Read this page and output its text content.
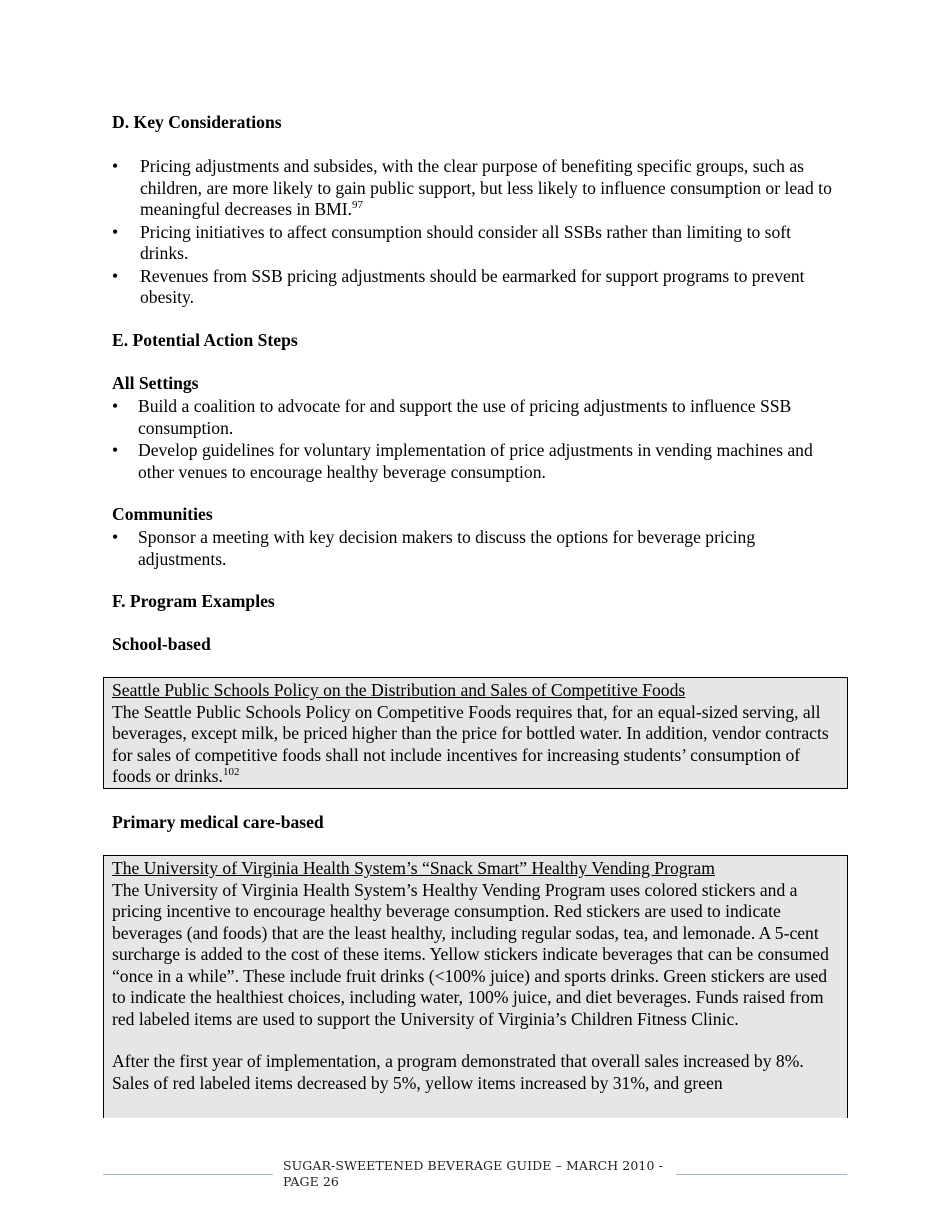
D. Key Considerations
•	Pricing adjustments and subsides, with the clear purpose of benefiting specific groups, such as children, are more likely to gain public support, but less likely to influence consumption or lead to meaningful decreases in BMI.$^{97}$
•	Pricing initiatives to affect consumption should consider all SSBs rather than limiting to soft drinks.
•	Revenues from SSB pricing adjustments should be earmarked for support programs to prevent obesity.
E. Potential Action Steps
All Settings
•	Build a coalition to advocate for and support the use of pricing adjustments to influence SSB consumption.
•	Develop guidelines for voluntary implementation of price adjustments in vending machines and other venues to encourage healthy beverage consumption.
Communities
•	Sponsor a meeting with key decision makers to discuss the options for beverage pricing adjustments.
F. Program Examples
School-based
Seattle Public Schools Policy on the Distribution and Sales of Competitive Foods

The Seattle Public Schools Policy on Competitive Foods requires that, for an equal-sized serving, all beverages, except milk, be priced higher than the price for bottled water. In addition, vendor contracts for sales of competitive foods shall not include incentives for increasing students’ consumption of foods or drinks.$^{102}$

Primary medical care-based
The University of Virginia Health System’s “Snack Smart” Healthy Vending Program

The University of Virginia Health System’s Healthy Vending Program uses colored stickers and a pricing incentive to encourage healthy beverage consumption. Red stickers are used to indicate beverages (and foods) that are the least healthy, including regular sodas, tea, and lemonade. A 5-cent surcharge is added to the cost of these items. Yellow stickers indicate beverages that can be consumed “once in a while”. These include fruit drinks (<100% juice) and sports drinks. Green stickers are used to indicate the healthiest choices, including water, 100% juice, and diet beverages. Funds raised from red labeled items are used to support the University of Virginia’s Children Fitness Clinic.

After the first year of implementation, a program demonstrated that overall sales increased by 8%. Sales of red labeled items decreased by 5%, yellow items increased by 31%, and green

SUGAR-SWEETENED BEVERAGE GUIDE – MARCH 2010 -PAGE 26
